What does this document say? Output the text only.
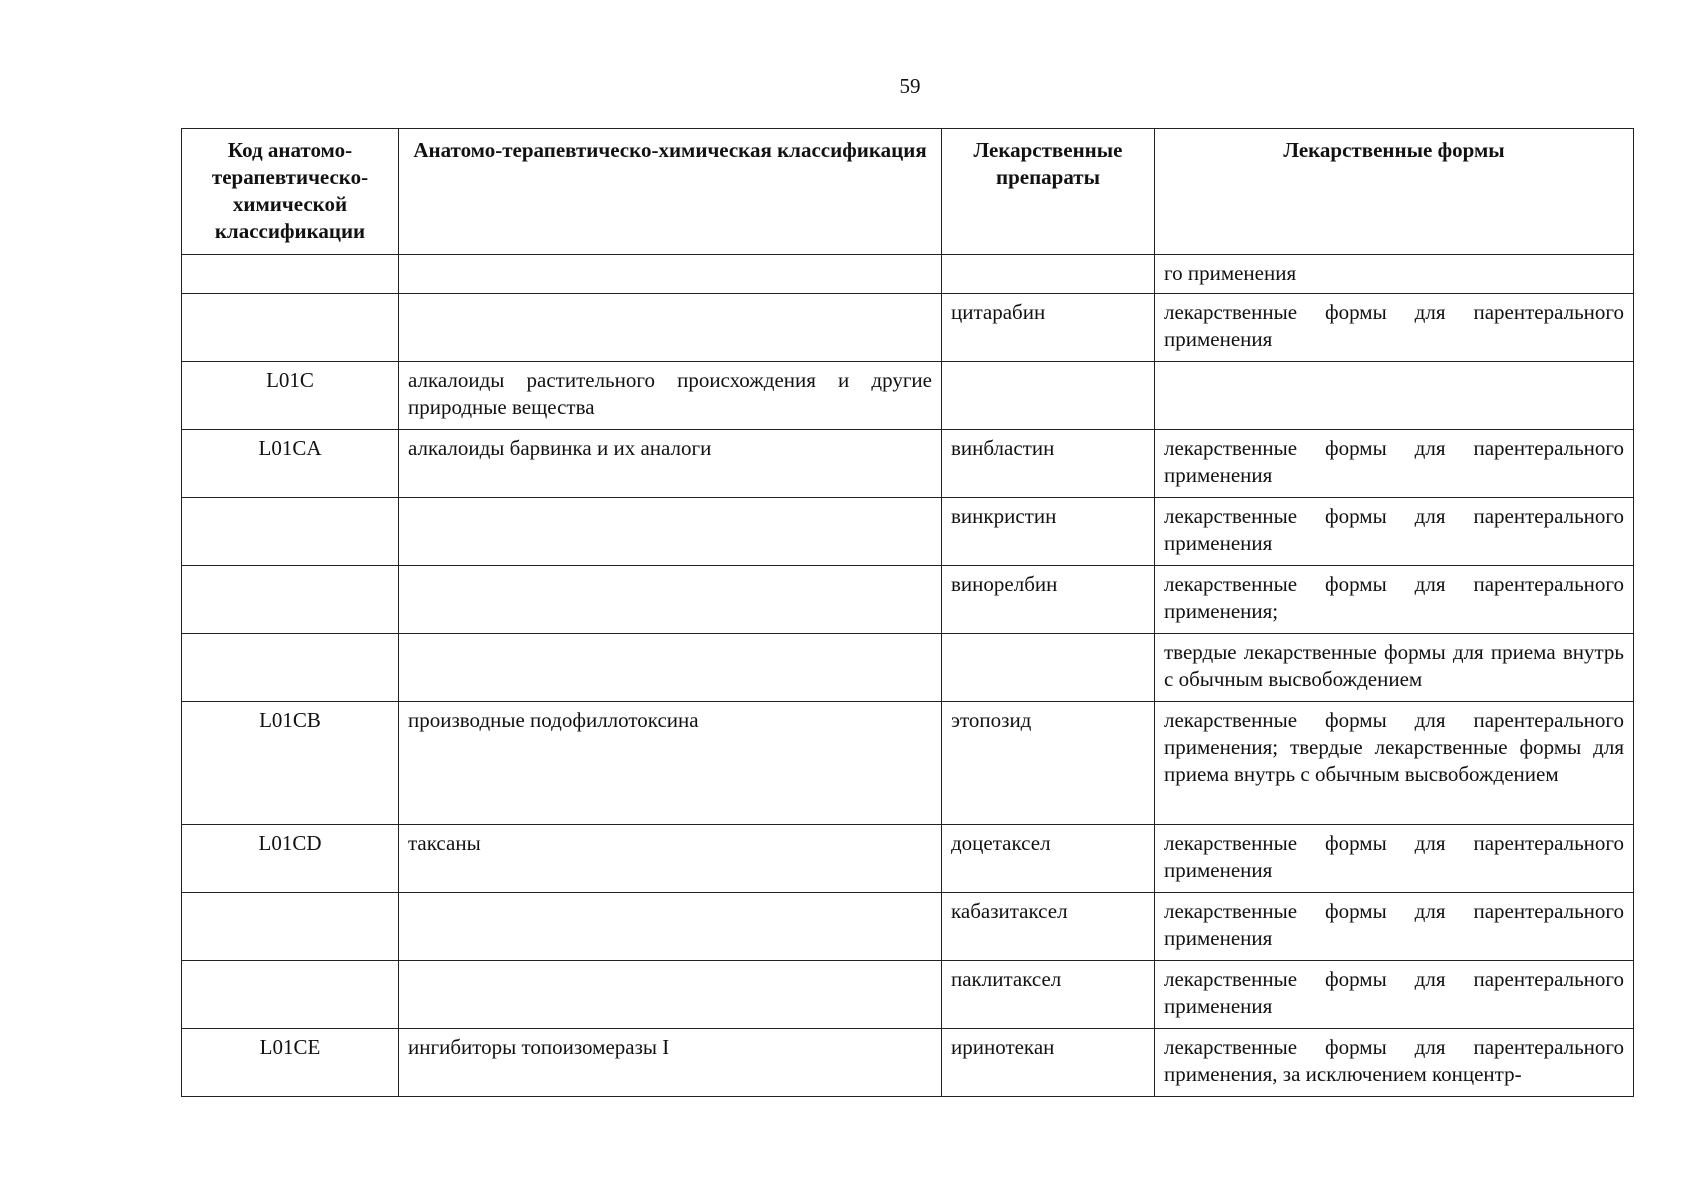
59
Код анатомо-терапевтическо-химической классификации	Анатомо-терапевтическо-химическая классификация	Лекарственные препараты	Лекарственные формы
			го применения
		цитарабин	лекарственные формы для парентерального применения
L01C	алкалоиды растительного происхождения и другие природные вещества		
L01CA	алкалоиды барвинка и их аналоги	винбластин	лекарственные формы для парентерального применения
		винкристин	лекарственные формы для парентерального применения
		винорелбин	лекарственные формы для парентерального применения;
			твердые лекарственные формы для приема внутрь с обычным высвобождением
L01CB	производные подофиллотоксина	этопозид	лекарственные формы для парентерального применения; твердые лекарственные формы для приема внутрь с обычным высвобождением
L01CD	таксаны	доцетаксел	лекарственные формы для парентерального применения
		кабазитаксел	лекарственные формы для парентерального применения
		паклитаксел	лекарственные формы для парентерального применения
L01CE	ингибиторы топоизомеразы I	иринотекан	лекарственные формы для парентерального применения, за исключением концентр-
